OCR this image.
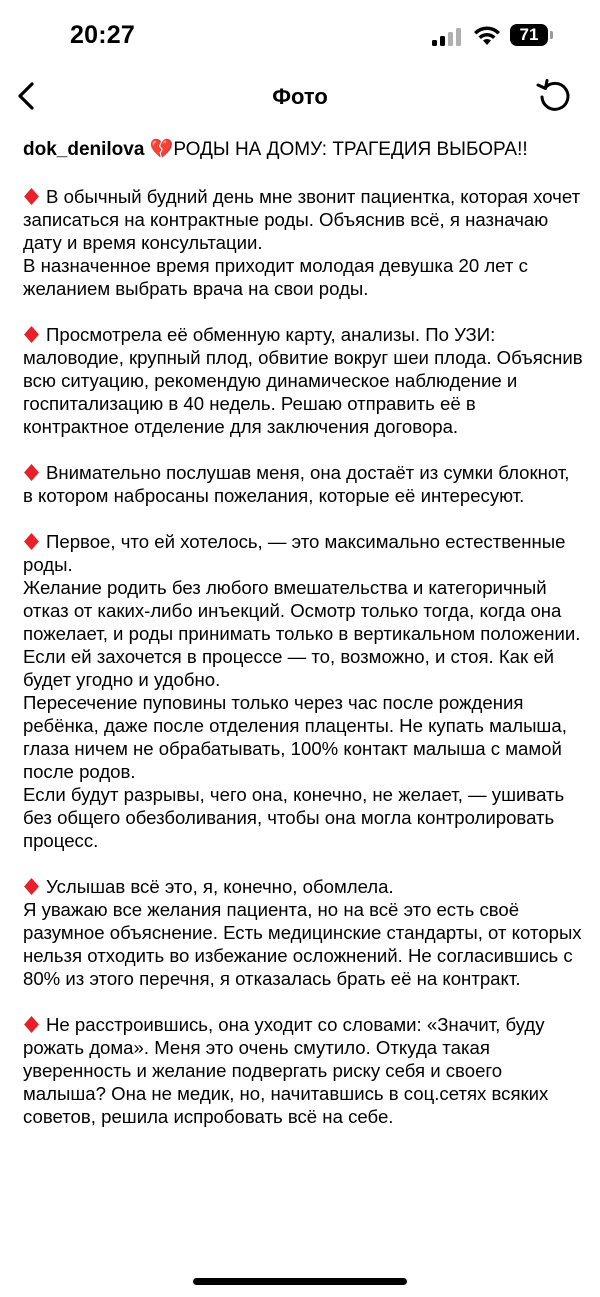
20:27	71
Фото
dok_denilova 💔РОДЫ НА ДОМУ: ТРАГЕДИЯ ВЫБОРА!!

В обычный будний день мне звонит пациентка, которая хочет записаться на контрактные роды. Объяснив всё, я назначаю дату и время консультации.

В назначенное время приходит молодая девушка 20 лет с желанием выбрать врача на свои роды.

Просмотрела её обменную карту, анализы. По УЗИ: маловодие, крупный плод, обвитие вокруг шеи плода. Объяснив всю ситуацию, рекомендую динамическое наблюдение и госпитализацию в 40 недель. Решаю отправить её в контрактное отделение для заключения договора.

Внимательно послушав меня, она достаёт из сумки блокнот, в котором набросаны пожелания, которые её интересуют.

Первое, что ей хотелось, — это максимально естественные роды.

Желание родить без любого вмешательства и категоричный отказ от каких-либо инъекций. Осмотр только тогда, когда она пожелает, и роды принимать только в вертикальном положении. Если ей захочется в процессе — то, возможно, и стоя. Как ей будет угодно и удобно.

Пересечение пуповины только через час после рождения ребёнка, даже после отделения плаценты. Не купать малыша, глаза ничем не обрабатывать, 100% контакт малыша с мамой после родов.

Если будут разрывы, чего она, конечно, не желает, — ушивать без общего обезболивания, чтобы она могла контролировать процесс.

Услышав всё это, я, конечно, обомлела.

Я уважаю все желания пациента, но на всё это есть своё разумное объяснение. Есть медицинские стандарты, от которых нельзя отходить во избежание осложнений. Не согласившись с 80% из этого перечня, я отказалась брать её на контракт.

Не расстроившись, она уходит со словами: «Значит, буду рожать дома». Меня это очень смутило. Откуда такая уверенность и желание подвергать риску себя и своего малыша? Она не медик, но, начитавшись в соц.сетях всяких советов, решила испробовать всё на себе.
